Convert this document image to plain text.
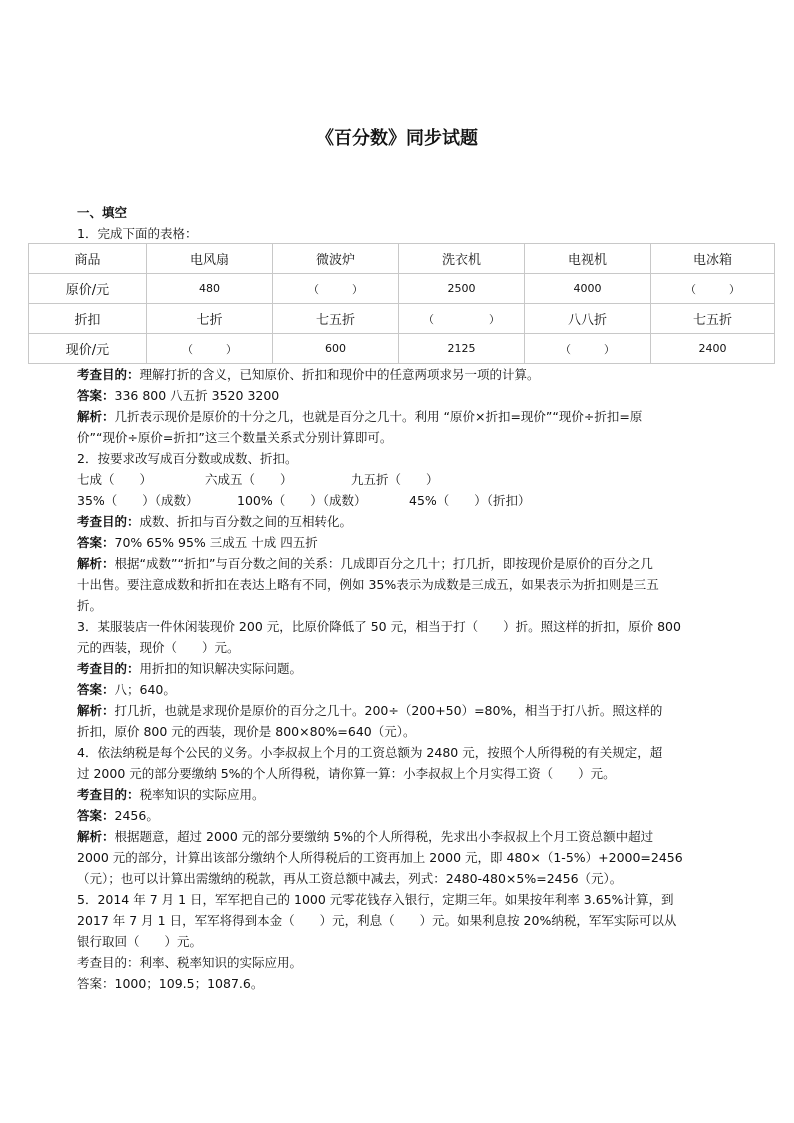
《百分数》同步试题
一、填空
1．完成下面的表格：
商品	电风扇	微波炉	洗衣机	电视机	电冰箱
原价/元	480	（　　　）	2500	4000	（　　　）
折扣	七折	七五折	（　　　　　）	八八折	七五折
现价/元	（　　　）	600	2125	（　　　）	2400
考查目的：理解打折的含义，已知原价、折扣和现价中的任意两项求另一项的计算。
答案：336 800 八五折 3520 3200
解析：几折表示现价是原价的十分之几，也就是百分之几十。利用 “原价×折扣=现价”“现价÷折扣=原
价”“现价÷原价=折扣”这三个数量关系式分别计算即可。
2．按要求改写成百分数或成数、折扣。
七成（　　）	六成五（　　）	九五折（　　）
35%（　　）（成数）	100%（　　）（成数）	45%（　　）（折扣）
考查目的：成数、折扣与百分数之间的互相转化。
答案：70% 65% 95% 三成五 十成 四五折
解析：根据“成数”“折扣”与百分数之间的关系：几成即百分之几十；打几折，即按现价是原价的百分之几
十出售。要注意成数和折扣在表达上略有不同，例如 35%表示为成数是三成五，如果表示为折扣则是三五
折。
3．某服装店一件休闲装现价 200 元，比原价降低了 50 元，相当于打（　　）折。照这样的折扣，原价 800
元的西装，现价（　　）元。
考查目的：用折扣的知识解决实际问题。
答案：八；640。
解析：打几折，也就是求现价是原价的百分之几十。200÷（200+50）=80%，相当于打八折。照这样的
折扣，原价 800 元的西装，现价是 800×80%=640（元）。
4．依法纳税是每个公民的义务。小李叔叔上个月的工资总额为 2480 元，按照个人所得税的有关规定，超
过 2000 元的部分要缴纳 5%的个人所得税，请你算一算：小李叔叔上个月实得工资（　　）元。
考查目的：税率知识的实际应用。
答案：2456。
解析：根据题意，超过 2000 元的部分要缴纳 5%的个人所得税，先求出小李叔叔上个月工资总额中超过
2000 元的部分，计算出该部分缴纳个人所得税后的工资再加上 2000 元，即 480×（1-5%）+2000=2456
（元）；也可以计算出需缴纳的税款，再从工资总额中减去，列式：2480-480×5%=2456（元）。
5．2014 年 7 月 1 日，军军把自己的 1000 元零花钱存入银行，定期三年。如果按年利率 3.65%计算，到
2017 年 7 月 1 日，军军将得到本金（　　）元，利息（　　）元。如果利息按 20%纳税，军军实际可以从
银行取回（　　）元。
考查目的：利率、税率知识的实际应用。
答案：1000；109.5；1087.6。
